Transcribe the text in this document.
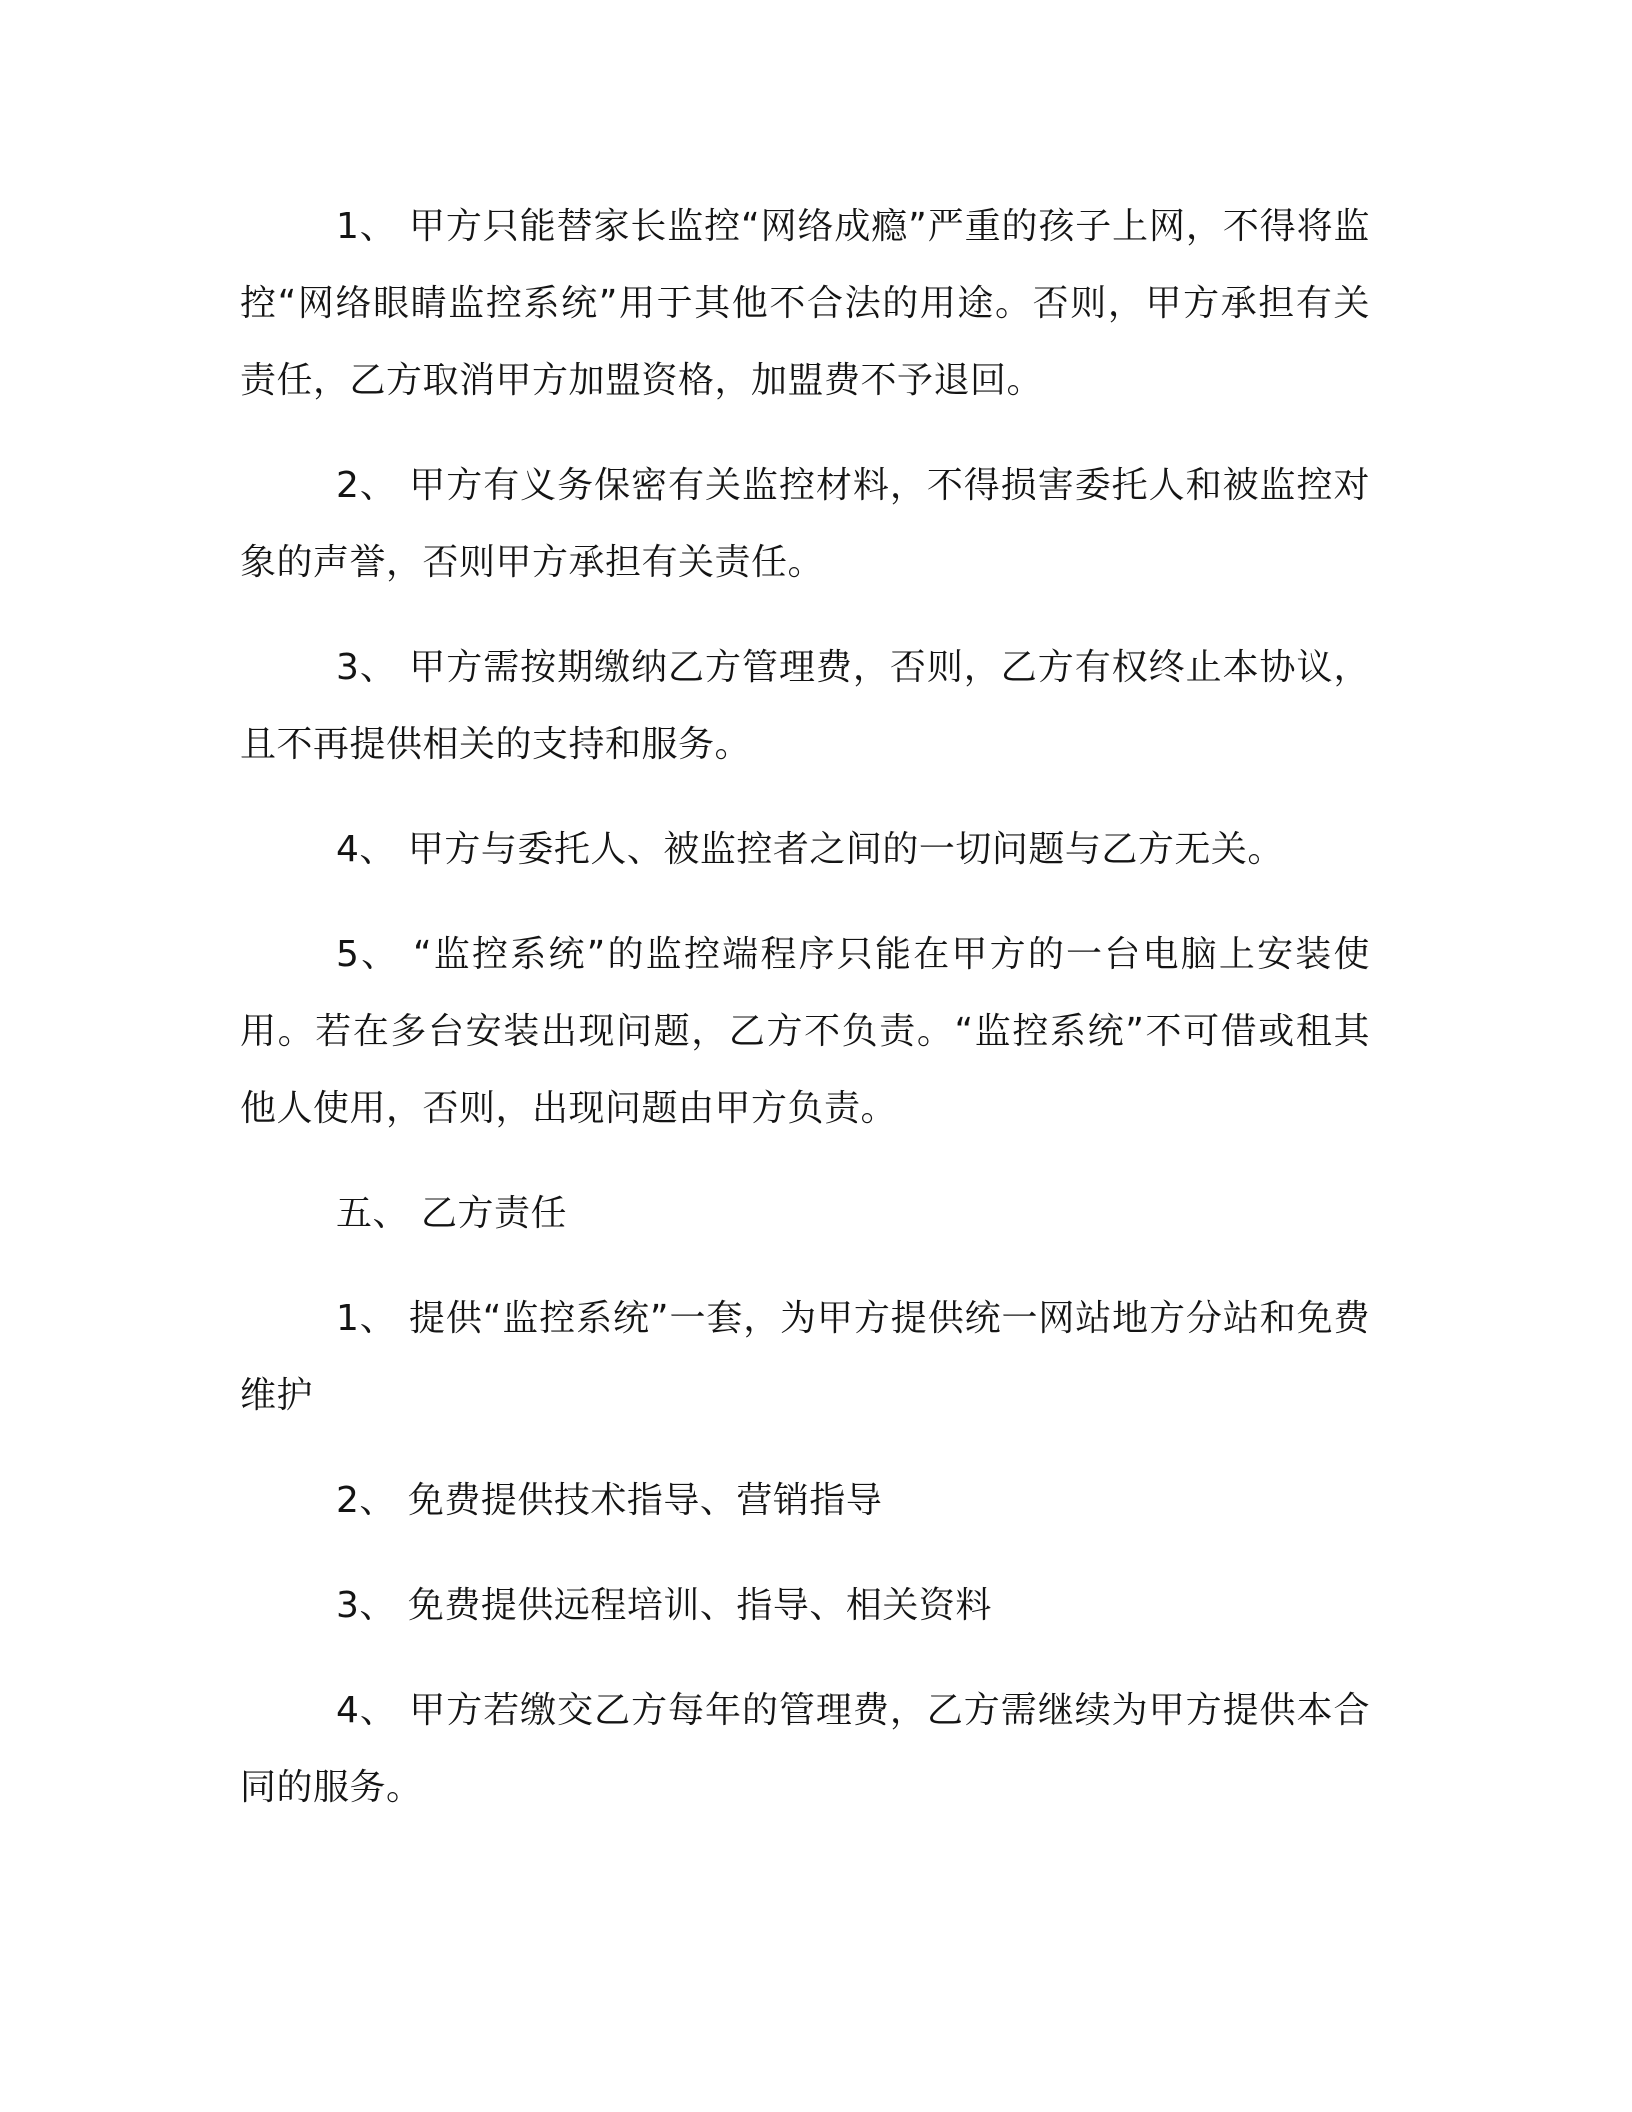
1、 甲方只能替家长监控“网络成瘾”严重的孩子上网，不得将监控“网络眼睛监控系统”用于其他不合法的用途。否则，甲方承担有关责任，乙方取消甲方加盟资格，加盟费不予退回。

2、 甲方有义务保密有关监控材料，不得损害委托人和被监控对象的声誉，否则甲方承担有关责任。

3、 甲方需按期缴纳乙方管理费，否则，乙方有权终止本协议，且不再提供相关的支持和服务。

4、 甲方与委托人、被监控者之间的一切问题与乙方无关。

5、 “监控系统”的监控端程序只能在甲方的一台电脑上安装使用。若在多台安装出现问题，乙方不负责。“监控系统”不可借或租其他人使用，否则，出现问题由甲方负责。

五、 乙方责任

1、 提供“监控系统”一套，为甲方提供统一网站地方分站和免费维护

2、 免费提供技术指导、营销指导

3、 免费提供远程培训、指导、相关资料

4、 甲方若缴交乙方每年的管理费，乙方需继续为甲方提供本合同的服务。
